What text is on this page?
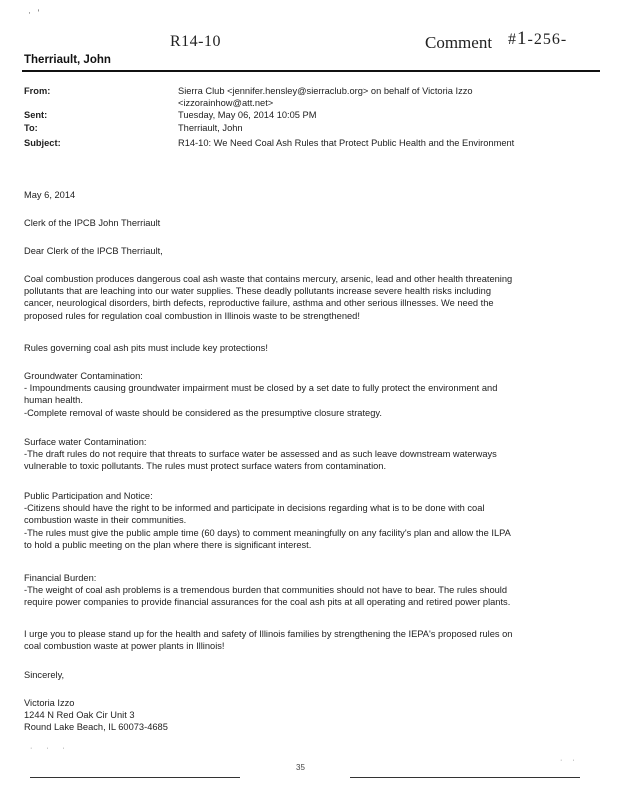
·   '
R14-10	Comment #1-256-
Therriault, John
From:	Sierra Club <jennifer.hensley@sierraclub.org> on behalf of Victoria Izzo
<izzorainhow@att.net>
Sent:	Tuesday, May 06, 2014 10:05 PM
To:	Therriault, John
Subject:	R14-10: We Need Coal Ash Rules that Protect Public Health and the Environment

May 6, 2014

Clerk of the IPCB John Therriault

Dear Clerk of the IPCB Therriault,

Coal combustion produces dangerous coal ash waste that contains mercury, arsenic, lead and other health threatening
pollutants that are leaching into our water supplies. These deadly pollutants increase severe health risks including
cancer, neurological disorders, birth defects, reproductive failure, asthma and other serious illnesses. We need the
proposed rules for regulation coal combustion in Illinois waste to be strengthened!

Rules governing coal ash pits must include key protections!

Groundwater Contamination:
- Impoundments causing groundwater impairment must be closed by a set date to fully protect the environment and
human health.
-Complete removal of waste should be considered as the presumptive closure strategy.

Surface water Contamination:
-The draft rules do not require that threats to surface water be assessed and as such leave downstream waterways
vulnerable to toxic pollutants. The rules must protect surface waters from contamination.

Public Participation and Notice:
-Citizens should have the right to be informed and participate in decisions regarding what is to be done with coal
combustion waste in their communities.
-The rules must give the public ample time (60 days) to comment meaningfully on any facility's plan and allow the ILPA
to hold a public meeting on the plan where there is significant interest.

Financial Burden:
-The weight of coal ash problems is a tremendous burden that communities should not have to bear. The rules should
require power companies to provide financial assurances for the coal ash pits at all operating and retired power plants.

I urge you to please stand up for the health and safety of Illinois families by strengthening the IEPA's proposed rules on
coal combustion waste at power plants in Illinois!

Sincerely,

Victoria Izzo
1244 N Red Oak Cir Unit 3
Round Lake Beach, IL 60073-4685

· · ·
· ·
35
